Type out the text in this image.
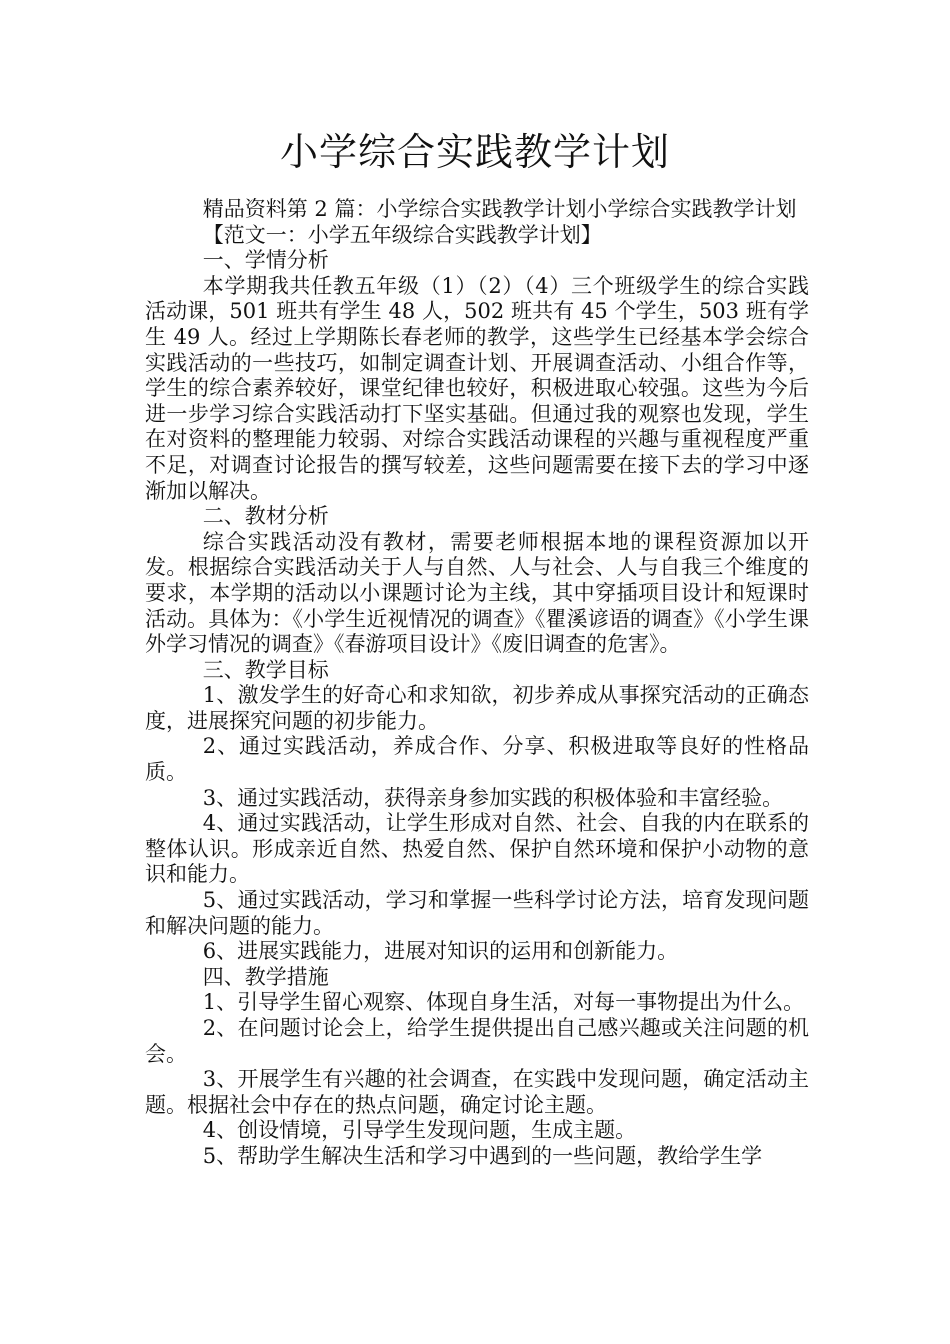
小学综合实践教学计划

精品资料第 2 篇：小学综合实践教学计划小学综合实践教学计划

【范文一：小学五年级综合实践教学计划】

一、学情分析

本学期我共任教五年级（1）（2）（4）三个班级学生的综合实践活动课，501 班共有学生 48 人，502 班共有 45 个学生，503 班有学生 49 人。经过上学期陈长春老师的教学，这些学生已经基本学会综合实践活动的一些技巧，如制定调查计划、开展调查活动、小组合作等，学生的综合素养较好，课堂纪律也较好，积极进取心较强。这些为今后进一步学习综合实践活动打下坚实基础。但通过我的观察也发现，学生在对资料的整理能力较弱、对综合实践活动课程的兴趣与重视程度严重不足，对调查讨论报告的撰写较差，这些问题需要在接下去的学习中逐渐加以解决。

二、教材分析

综合实践活动没有教材，需要老师根据本地的课程资源加以开发。根据综合实践活动关于人与自然、人与社会、人与自我三个维度的要求，本学期的活动以小课题讨论为主线，其中穿插项目设计和短课时活动。具体为：《小学生近视情况的调查》《瞿溪谚语的调查》《小学生课外学习情况的调查》《春游项目设计》《废旧调查的危害》。

三、教学目标

1、激发学生的好奇心和求知欲，初步养成从事探究活动的正确态度，进展探究问题的初步能力。

2、通过实践活动，养成合作、分享、积极进取等良好的性格品质。

3、通过实践活动，获得亲身参加实践的积极体验和丰富经验。

4、通过实践活动，让学生形成对自然、社会、自我的内在联系的整体认识。形成亲近自然、热爱自然、保护自然环境和保护小动物的意识和能力。

5、通过实践活动，学习和掌握一些科学讨论方法，培育发现问题和解决问题的能力。

6、进展实践能力，进展对知识的运用和创新能力。

四、教学措施

1、引导学生留心观察、体现自身生活，对每一事物提出为什么。

2、在问题讨论会上，给学生提供提出自己感兴趣或关注问题的机会。

3、开展学生有兴趣的社会调查，在实践中发现问题，确定活动主题。根据社会中存在的热点问题，确定讨论主题。

4、创设情境，引导学生发现问题，生成主题。

5、帮助学生解决生活和学习中遇到的一些问题，教给学生学
